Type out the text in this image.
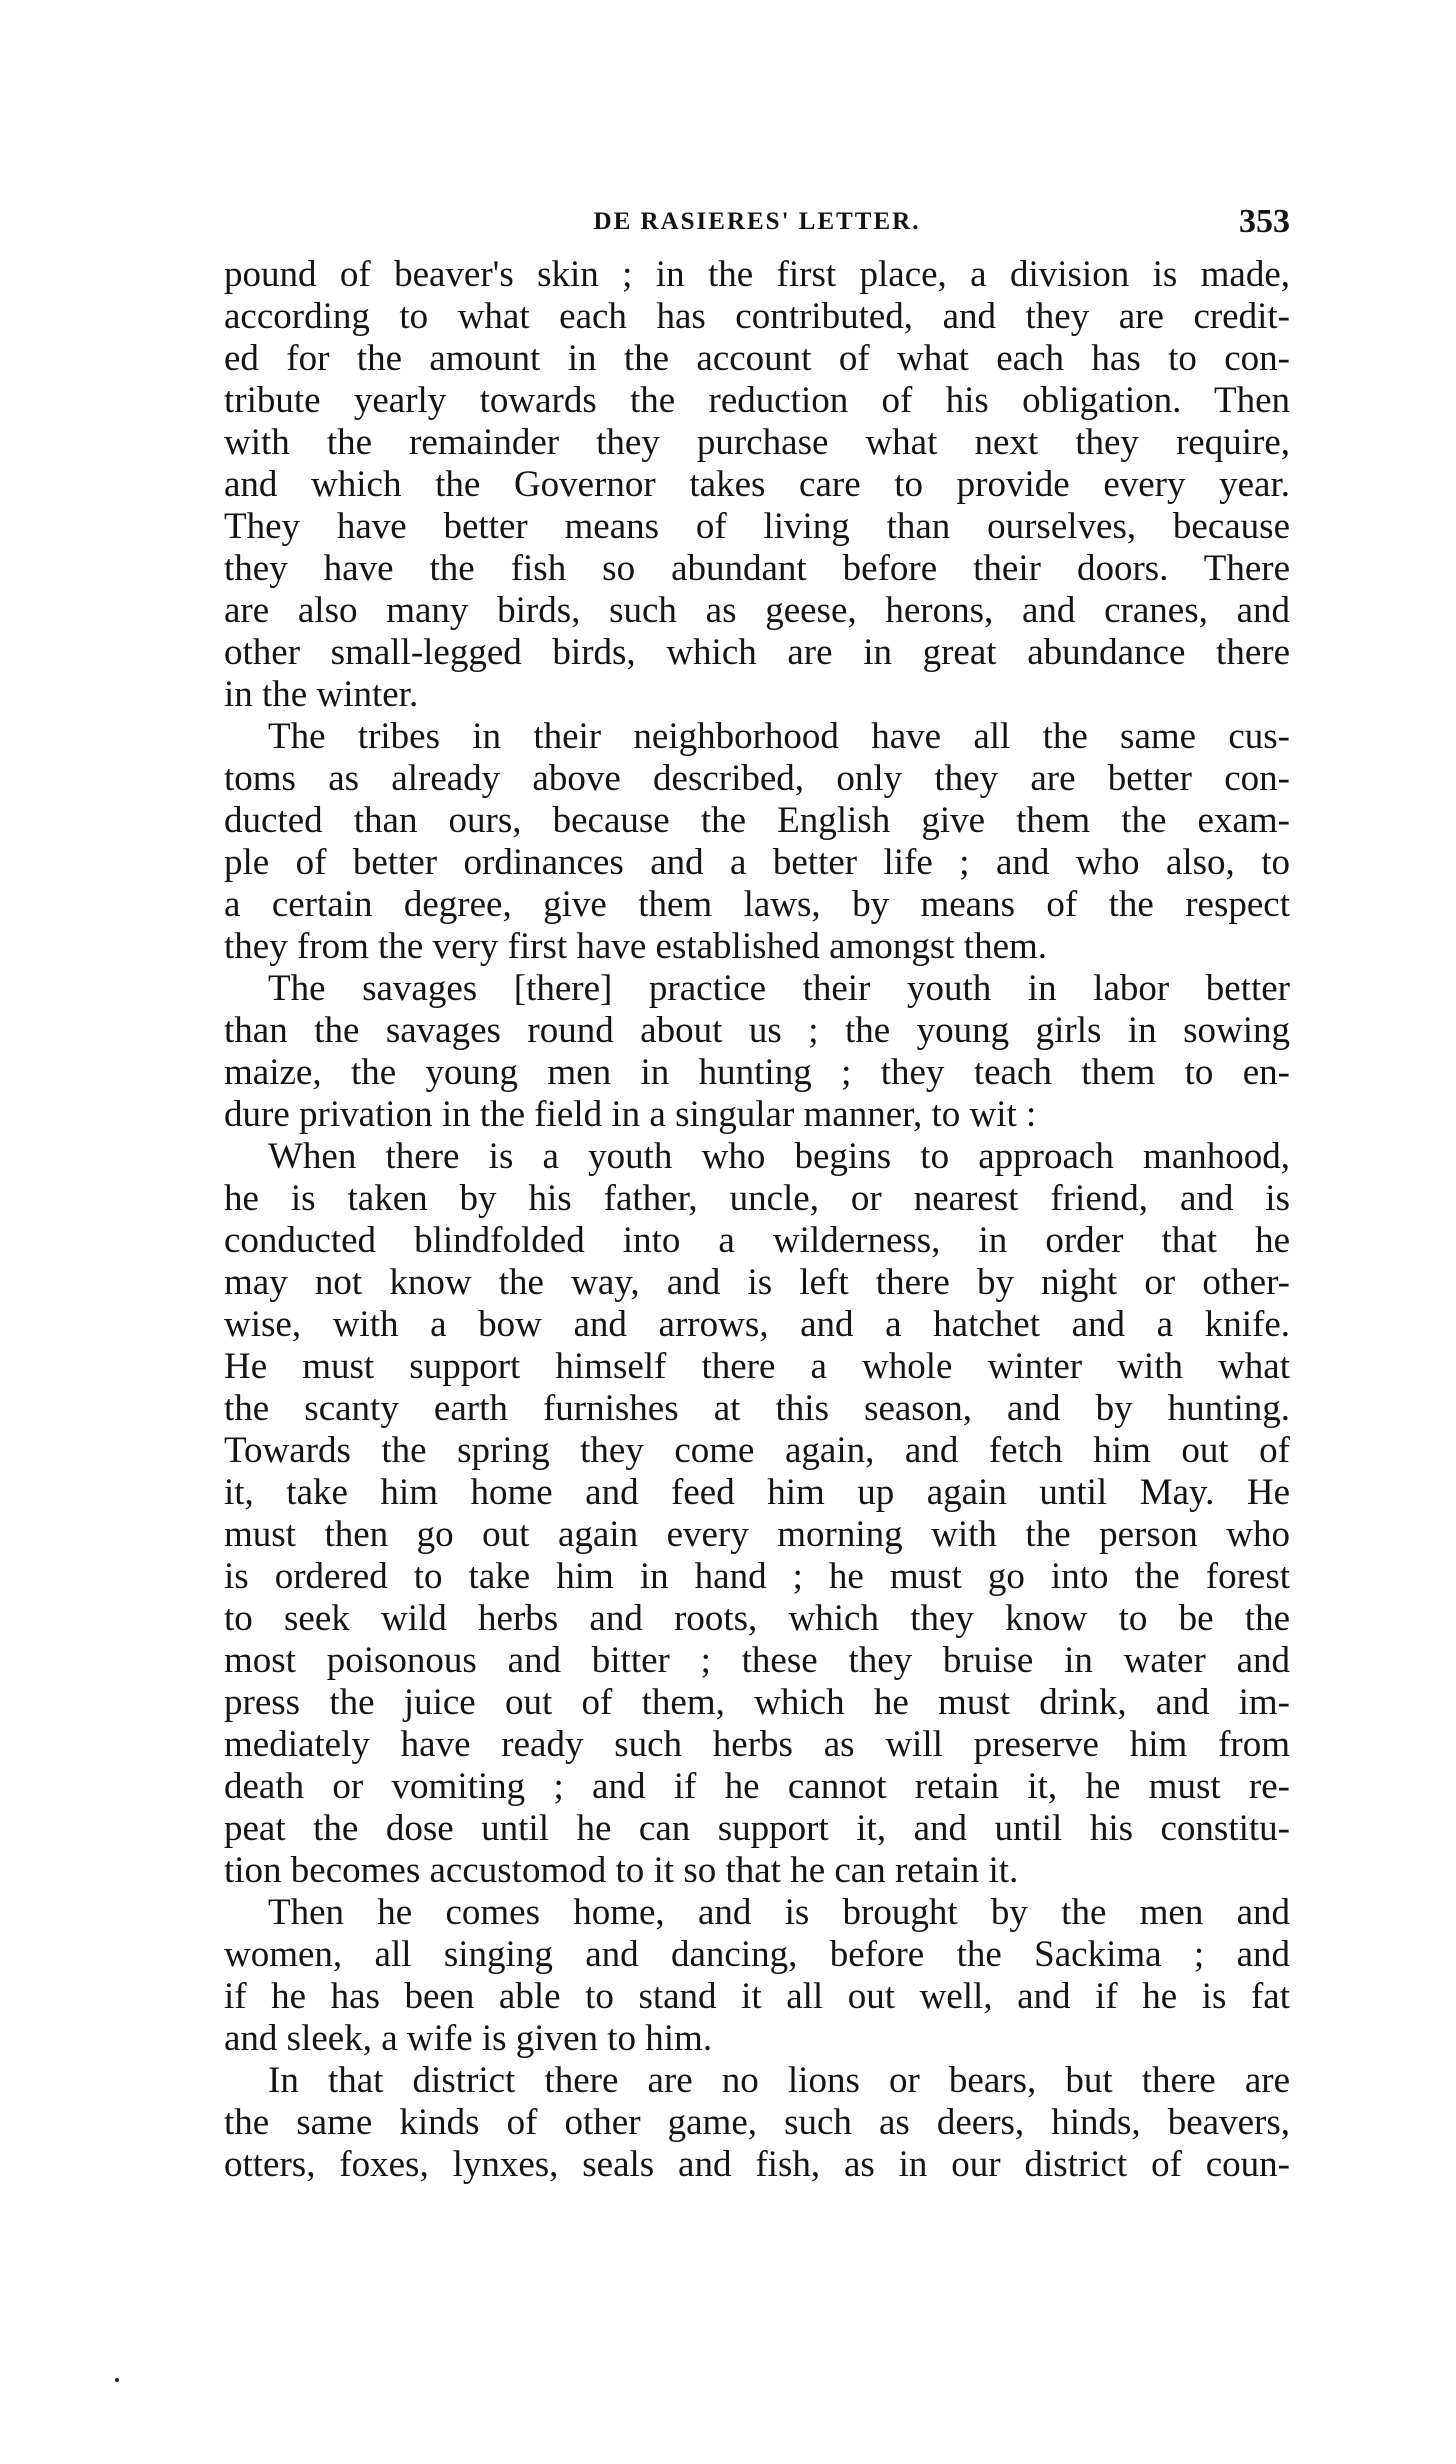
DE RASIERES' LETTER.	353
pound of beaver's skin ; in the first place, a division is made,
according to what each has contributed, and they are credit-
ed for the amount in the account of what each has to con-
tribute yearly towards the reduction of his obligation. Then
with the remainder they purchase what next they require,
and which the Governor takes care to provide every year.
They have better means of living than ourselves, because
they have the fish so abundant before their doors. There
are also many birds, such as geese, herons, and cranes, and
other small-legged birds, which are in great abundance there
in the winter.
The tribes in their neighborhood have all the same cus-
toms as already above described, only they are better con-
ducted than ours, because the English give them the exam-
ple of better ordinances and a better life ; and who also, to
a certain degree, give them laws, by means of the respect
they from the very first have established amongst them.
The savages [there] practice their youth in labor better
than the savages round about us ; the young girls in sowing
maize, the young men in hunting ; they teach them to en-
dure privation in the field in a singular manner, to wit :
When there is a youth who begins to approach manhood,
he is taken by his father, uncle, or nearest friend, and is
conducted blindfolded into a wilderness, in order that he
may not know the way, and is left there by night or other-
wise, with a bow and arrows, and a hatchet and a knife.
He must support himself there a whole winter with what
the scanty earth furnishes at this season, and by hunting.
Towards the spring they come again, and fetch him out of
it, take him home and feed him up again until May. He
must then go out again every morning with the person who
is ordered to take him in hand ; he must go into the forest
to seek wild herbs and roots, which they know to be the
most poisonous and bitter ; these they bruise in water and
press the juice out of them, which he must drink, and im-
mediately have ready such herbs as will preserve him from
death or vomiting ; and if he cannot retain it, he must re-
peat the dose until he can support it, and until his constitu-
tion becomes accustomod to it so that he can retain it.
Then he comes home, and is brought by the men and
women, all singing and dancing, before the Sackima ; and
if he has been able to stand it all out well, and if he is fat
and sleek, a wife is given to him.
In that district there are no lions or bears, but there are
the same kinds of other game, such as deers, hinds, beavers,
otters, foxes, lynxes, seals and fish, as in our district of coun-
